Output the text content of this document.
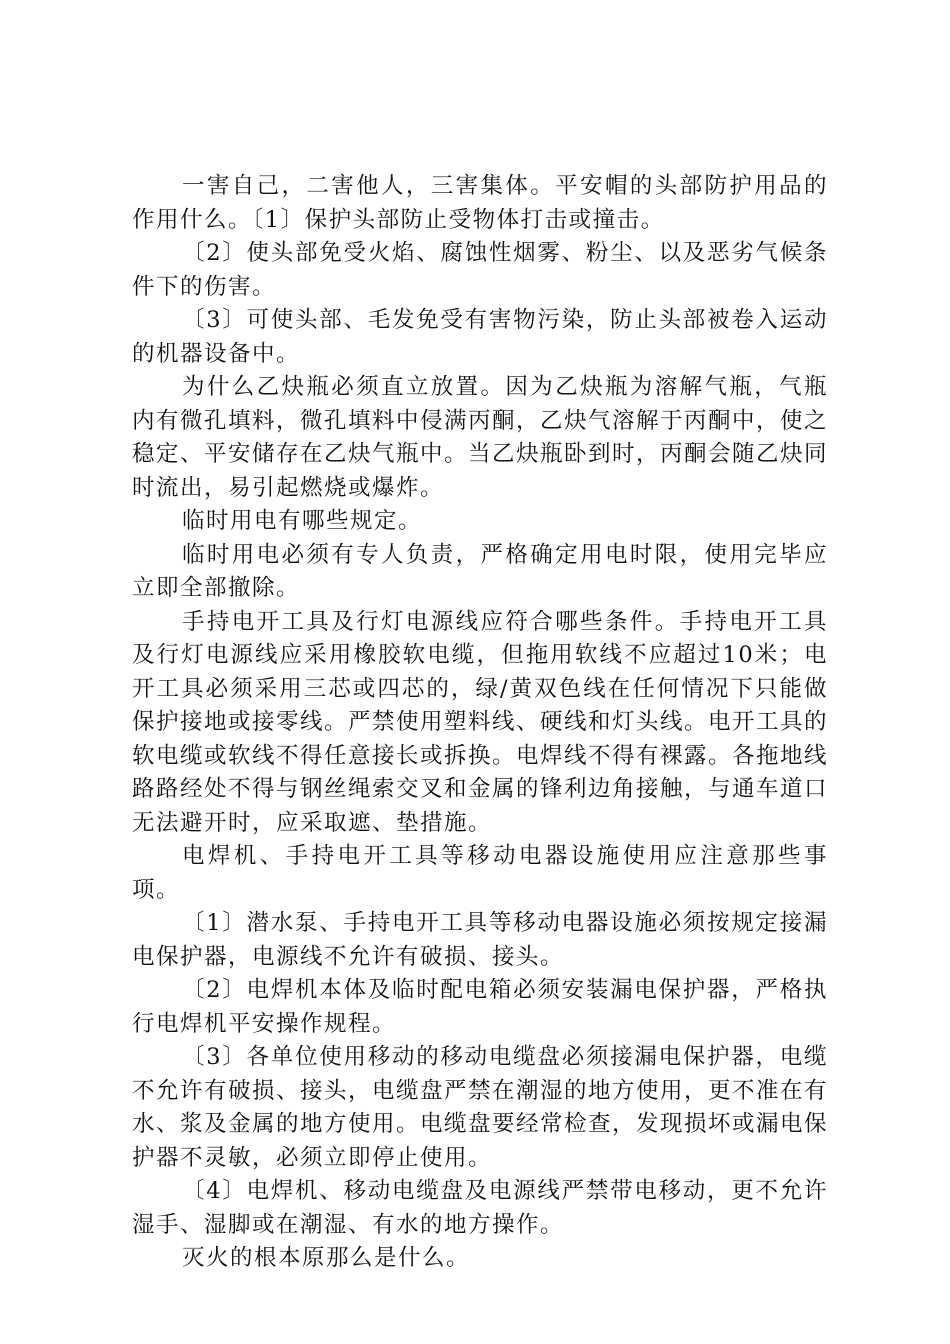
一害自己，二害他人，三害集体。平安帽的头部防护用品的作用什么。〔1〕保护头部防止受物体打击或撞击。

〔2〕使头部免受火焰、腐蚀性烟雾、粉尘、以及恶劣气候条件下的伤害。

〔3〕可使头部、毛发免受有害物污染，防止头部被卷入运动的机器设备中。

为什么乙炔瓶必须直立放置。因为乙炔瓶为溶解气瓶，气瓶内有微孔填料，微孔填料中侵满丙酮，乙炔气溶解于丙酮中，使之稳定、平安储存在乙炔气瓶中。当乙炔瓶卧到时，丙酮会随乙炔同时流出，易引起燃烧或爆炸。

临时用电有哪些规定。

临时用电必须有专人负责，严格确定用电时限，使用完毕应立即全部撤除。

手持电开工具及行灯电源线应符合哪些条件。手持电开工具及行灯电源线应采用橡胶软电缆，但拖用软线不应超过10米；电开工具必须采用三芯或四芯的，绿/黄双色线在任何情况下只能做保护接地或接零线。严禁使用塑料线、硬线和灯头线。电开工具的软电缆或软线不得任意接长或拆换。电焊线不得有裸露。各拖地线路路经处不得与钢丝绳索交叉和金属的锋利边角接触，与通车道口无法避开时，应采取遮、垫措施。

电焊机、手持电开工具等移动电器设施使用应注意那些事项。

〔1〕潜水泵、手持电开工具等移动电器设施必须按规定接漏电保护器，电源线不允许有破损、接头。

〔2〕电焊机本体及临时配电箱必须安装漏电保护器，严格执行电焊机平安操作规程。

〔3〕各单位使用移动的移动电缆盘必须接漏电保护器，电缆不允许有破损、接头，电缆盘严禁在潮湿的地方使用，更不准在有水、浆及金属的地方使用。电缆盘要经常检查，发现损坏或漏电保护器不灵敏，必须立即停止使用。

〔4〕电焊机、移动电缆盘及电源线严禁带电移动，更不允许湿手、湿脚或在潮湿、有水的地方操作。

灭火的根本原那么是什么。
